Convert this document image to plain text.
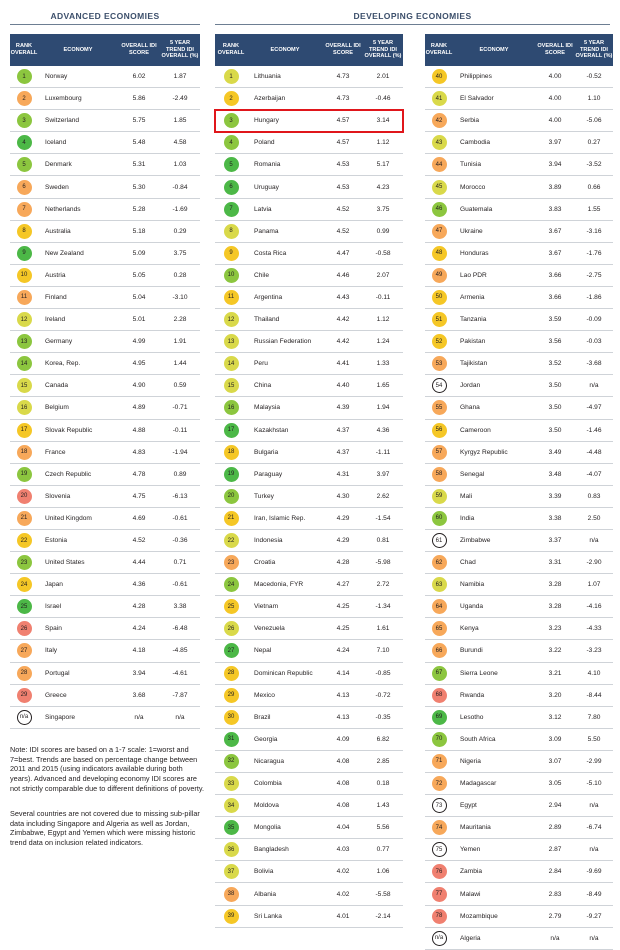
ADVANCED ECONOMIES	DEVELOPING ECONOMIES
RANK OVERALL
ECONOMY
OVERALL IDI SCORE
5 YEAR TREND IDI OVERALL (%)
1	Norway	6.02	1.87
2	Luxembourg	5.86	-2.49
3	Switzerland	5.75	1.85
4	Iceland	5.48	4.58
5	Denmark	5.31	1.03
6	Sweden	5.30	-0.84
7	Netherlands	5.28	-1.69
8	Australia	5.18	0.29
9	New Zealand	5.09	3.75
10	Austria	5.05	0.28
11	Finland	5.04	-3.10
12	Ireland	5.01	2.28
13	Germany	4.99	1.91
14	Korea, Rep.	4.95	1.44
15	Canada	4.90	0.59
16	Belgium	4.89	-0.71
17	Slovak Republic	4.88	-0.11
18	France	4.83	-1.94
19	Czech Republic	4.78	0.89
20	Slovenia	4.75	-6.13
21	United Kingdom	4.69	-0.61
22	Estonia	4.52	-0.36
23	United States	4.44	0.71
24	Japan	4.36	-0.61
25	Israel	4.28	3.38
26	Spain	4.24	-6.48
27	Italy	4.18	-4.85
28	Portugal	3.94	-4.61
29	Greece	3.68	-7.87
n/a	Singapore	n/a	n/a
RANK OVERALL
ECONOMY
OVERALL IDI SCORE
5 YEAR TREND IDI OVERALL (%)
1	Lithuania	4.73	2.01
2	Azerbaijan	4.73	-0.46
3	Hungary	4.57	3.14
4	Poland	4.57	1.12
5	Romania	4.53	5.17
6	Uruguay	4.53	4.23
7	Latvia	4.52	3.75
8	Panama	4.52	0.99
9	Costa Rica	4.47	-0.58
10	Chile	4.46	2.07
11	Argentina	4.43	-0.11
12	Thailand	4.42	1.12
13	Russian Federation	4.42	1.24
14	Peru	4.41	1.33
15	China	4.40	1.65
16	Malaysia	4.39	1.94
17	Kazakhstan	4.37	4.36
18	Bulgaria	4.37	-1.11
19	Paraguay	4.31	3.97
20	Turkey	4.30	2.62
21	Iran, Islamic Rep.	4.29	-1.54
22	Indonesia	4.29	0.81
23	Croatia	4.28	-5.98
24	Macedonia, FYR	4.27	2.72
25	Vietnam	4.25	-1.34
26	Venezuela	4.25	1.61
27	Nepal	4.24	7.10
28	Dominican Republic	4.14	-0.85
29	Mexico	4.13	-0.72
30	Brazil	4.13	-0.35
31	Georgia	4.09	6.82
32	Nicaragua	4.08	2.85
33	Colombia	4.08	0.18
34	Moldova	4.08	1.43
35	Mongolia	4.04	5.56
36	Bangladesh	4.03	0.77
37	Bolivia	4.02	1.06
38	Albania	4.02	-5.58
39	Sri Lanka	4.01	-2.14
RANK OVERALL
ECONOMY
OVERALL IDI SCORE
5 YEAR TREND IDI OVERALL (%)
40	Philippines	4.00	-0.52
41	El Salvador	4.00	1.10
42	Serbia	4.00	-5.06
43	Cambodia	3.97	0.27
44	Tunisia	3.94	-3.52
45	Morocco	3.89	0.66
46	Guatemala	3.83	1.55
47	Ukraine	3.67	-3.16
48	Honduras	3.67	-1.76
49	Lao PDR	3.66	-2.75
50	Armenia	3.66	-1.86
51	Tanzania	3.59	-0.09
52	Pakistan	3.56	-0.03
53	Tajikistan	3.52	-3.68
54	Jordan	3.50	n/a
55	Ghana	3.50	-4.97
56	Cameroon	3.50	-1.46
57	Kyrgyz Republic	3.49	-4.48
58	Senegal	3.48	-4.07
59	Mali	3.39	0.83
60	India	3.38	2.50
61	Zimbabwe	3.37	n/a
62	Chad	3.31	-2.90
63	Namibia	3.28	1.07
64	Uganda	3.28	-4.16
65	Kenya	3.23	-4.33
66	Burundi	3.22	-3.23
67	Sierra Leone	3.21	4.10
68	Rwanda	3.20	-8.44
69	Lesotho	3.12	7.80
70	South Africa	3.09	5.50
71	Nigeria	3.07	-2.99
72	Madagascar	3.05	-5.10
73	Egypt	2.94	n/a
74	Mauritania	2.89	-6.74
75	Yemen	2.87	n/a
76	Zambia	2.84	-9.69
77	Malawi	2.83	-8.49
78	Mozambique	2.79	-9.27
n/a	Algeria	n/a	n/a
Note: IDI scores are based on a 1-7 scale: 1=worst and 7=best. Trends are based on percentage change between 2011 and 2015 (using indicators available during both years). Advanced and developing economy IDI scores are not strictly comparable due to different definitions of poverty.
Several countries are not covered due to missing sub-pillar data including Singapore and Algeria as well as Jordan, Zimbabwe, Egypt and Yemen which were missing historic trend data on inclusion related indicators.
